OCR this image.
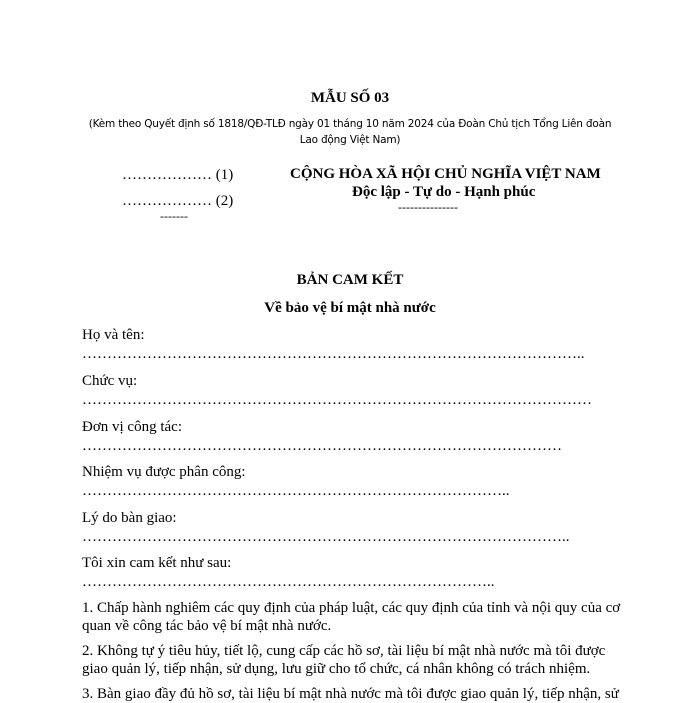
MẪU SỐ 03
(Kèm theo Quyết định số 1818/QĐ-TLĐ ngày 01 tháng 10 năm 2024 của Đoàn Chủ tịch Tổng Liên đoàn
Lao động Việt Nam)
……………… (1)
……………… (2)
-------
CỘNG HÒA XÃ HỘI CHỦ NGHĨA VIỆT NAM
Độc lập - Tự do - Hạnh phúc
---------------
BẢN CAM KẾT
Về bảo vệ bí mật nhà nước
Họ và tên:
………………………………………………………………………………………..
Chức vụ:
…………………………………………………………………………………………
Đơn vị công tác:
……………………………………………………………………………………
Nhiệm vụ được phân công:
…………………………………………………………………………..
Lý do bàn giao:
……………………………………………………………………………………..
Tôi xin cam kết như sau:
………………………………………………………………………..
1. Chấp hành nghiêm các quy định của pháp luật, các quy định của tỉnh và nội quy của cơ
quan về công tác bảo vệ bí mật nhà nước.
2. Không tự ý tiêu hủy, tiết lộ, cung cấp các hồ sơ, tài liệu bí mật nhà nước mà tôi được
giao quản lý, tiếp nhận, sử dụng, lưu giữ cho tổ chức, cá nhân không có trách nhiệm.
3. Bàn giao đầy đủ hồ sơ, tài liệu bí mật nhà nước mà tôi được giao quản lý, tiếp nhận, sử
